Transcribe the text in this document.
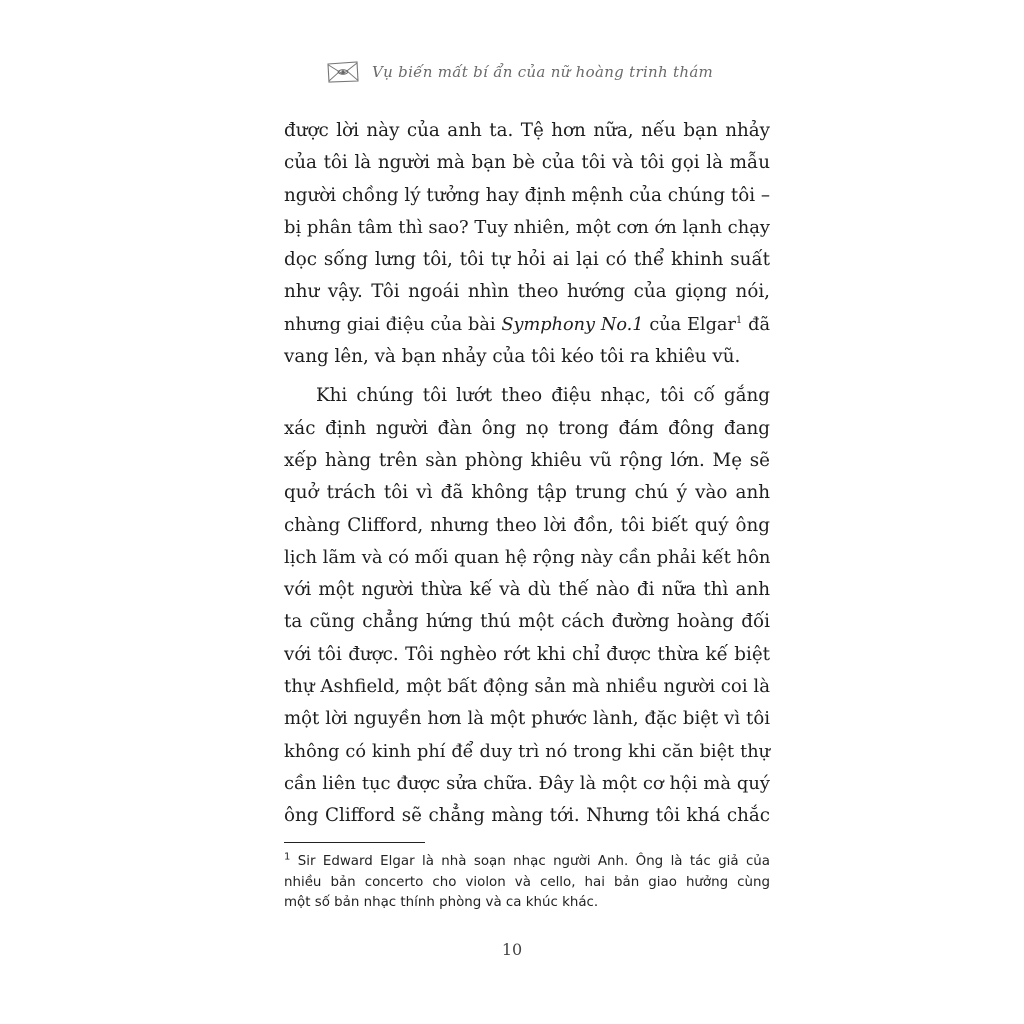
Vụ biến mất bí ẩn của nữ hoàng trinh thám

được lời này của anh ta. Tệ hơn nữa, nếu bạn nhảy
của tôi là người mà bạn bè của tôi và tôi gọi là mẫu
người chồng lý tưởng hay định mệnh của chúng tôi –
bị phân tâm thì sao? Tuy nhiên, một cơn ớn lạnh chạy
dọc sống lưng tôi, tôi tự hỏi ai lại có thể khinh suất
như vậy. Tôi ngoái nhìn theo hướng của giọng nói,
nhưng giai điệu của bài Symphony No.1 của Elgar$^1$ đã
vang lên, và bạn nhảy của tôi kéo tôi ra khiêu vũ.

Khi chúng tôi lướt theo điệu nhạc, tôi cố gắng
xác định người đàn ông nọ trong đám đông đang
xếp hàng trên sàn phòng khiêu vũ rộng lớn. Mẹ sẽ
quở trách tôi vì đã không tập trung chú ý vào anh
chàng Clifford, nhưng theo lời đồn, tôi biết quý ông
lịch lãm và có mối quan hệ rộng này cần phải kết hôn
với một người thừa kế và dù thế nào đi nữa thì anh
ta cũng chẳng hứng thú một cách đường hoàng đối
với tôi được. Tôi nghèo rớt khi chỉ được thừa kế biệt
thự Ashfield, một bất động sản mà nhiều người coi là
một lời nguyền hơn là một phước lành, đặc biệt vì tôi
không có kinh phí để duy trì nó trong khi căn biệt thự
cần liên tục được sửa chữa. Đây là một cơ hội mà quý
ông Clifford sẽ chẳng màng tới. Nhưng tôi khá chắc

$^1$ Sir Edward Elgar là nhà soạn nhạc người Anh. Ông là tác giả của
nhiều bản concerto cho violon và cello, hai bản giao hưởng cùng
một số bản nhạc thính phòng và ca khúc khác.
10
